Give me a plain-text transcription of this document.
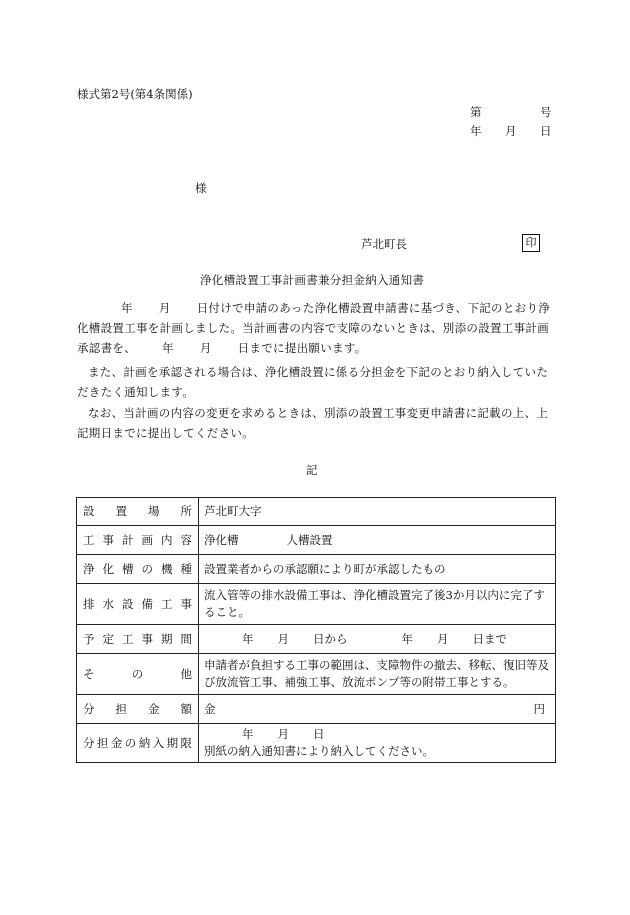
様式第2号(第4条関係)
第	号
年 月 日
様
芦北町長	印
浄化槽設置工事計画書兼分担金納入通知書
年 月 日付けで申請のあった浄化槽設置申請書に基づき、下記のとおり浄化槽設置工事を計画しました。当計画書の内容で支障のないときは、別添の設置工事計画承認書を、 年 月 日までに提出願います。
また、計画を承認される場合は、浄化槽設置に係る分担金を下記のとおり納入していただきたく通知します。
なお、当計画の内容の変更を求めるときは、別添の設置工事変更申請書に記載の上、上記期日までに提出してください。
記
設置場所	芦北町大字
工事計画内容	浄化槽 人槽設置
浄化槽の機種	設置業者からの承認願により町が承認したもの
排水設備工事	流入管等の排水設備工事は、浄化槽設置完了後3か月以内に完了すること。
予定工事期間	年 月 日から 年 月 日まで
その他	申請者が負担する工事の範囲は、支障物件の撤去、移転、復旧等及び放流管工事、補強工事、放流ポンプ等の附帯工事とする。
分担金額	金 円

分担金の納入期限	年 月 日
別紙の納入通知書により納入してください。
